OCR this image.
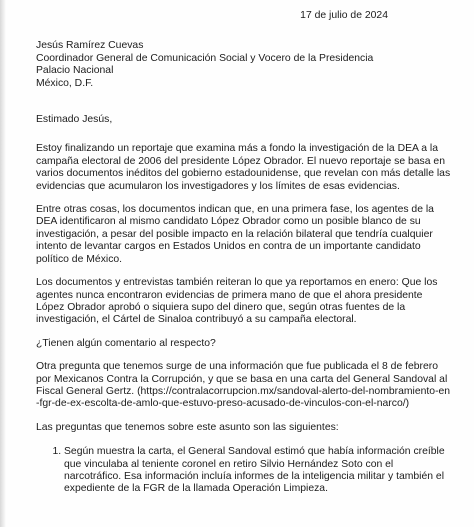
17 de julio de 2024

Jesús Ramírez Cuevas

Coordinador General de Comunicación Social y Vocero de la Presidencia

Palacio Nacional

México, D.F.

Estimado Jesús,

Estoy finalizando un reportaje que examina más a fondo la investigación de la DEA a la campaña electoral de 2006 del presidente López Obrador. El nuevo reportaje se basa en varios documentos inéditos del gobierno estadounidense, que revelan con más detalle las evidencias que acumularon los investigadores y los límites de esas evidencias.

Entre otras cosas, los documentos indican que, en una primera fase, los agentes de la DEA identificaron al mismo candidato López Obrador como un posible blanco de su investigación, a pesar del posible impacto en la relación bilateral que tendría cualquier intento de levantar cargos en Estados Unidos en contra de un importante candidato político de México.

Los documentos y entrevistas también reiteran lo que ya reportamos en enero: Que los agentes nunca encontraron evidencias de primera mano de que el ahora presidente López Obrador aprobó o siquiera supo del dinero que, según otras fuentes de la investigación, el Cártel de Sinaloa contribuyó a su campaña electoral.

¿Tienen algún comentario al respecto?

Otra pregunta que tenemos surge de una información que fue publicada el 8 de febrero por Mexicanos Contra la Corrupción, y que se basa en una carta del General Sandoval al Fiscal General Gertz. (https://contralacorrupcion.mx/sandoval-alerto-del-nombramiento-en-fgr-de-ex-escolta-de-amlo-que-estuvo-preso-acusado-de-vinculos-con-el-narco/)

Las preguntas que tenemos sobre este asunto son las siguientes:

1. Según muestra la carta, el General Sandoval estimó que había información creíble que vinculaba al teniente coronel en retiro Silvio Hernández Soto con el narcotráfico. Esa información incluía informes de la inteligencia militar y también el expediente de la FGR de la llamada Operación Limpieza.
